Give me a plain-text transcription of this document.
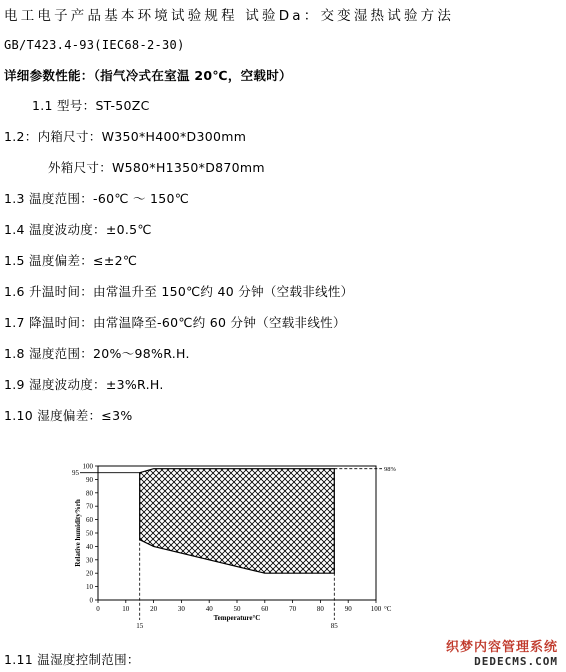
电工电子产品基本环境试验规程 试验Da：交变湿热试验方法
GB/T423.4-93(IEC68-2-30)
详细参数性能：（指气冷式在室温 20℃，空载时）
1.1 型号：ST-50ZC
1.2：内箱尺寸：W350*H400*D300mm
外箱尺寸：W580*H1350*D870mm
1.3 温度范围：-60℃ ～ 150℃
1.4 温度波动度：±0.5℃
1.5 温度偏差：≤±2℃
1.6 升温时间：由常温升至 150℃约 40 分钟（空载非线性）
1.7 降温时间：由常温降至-60℃约 60 分钟（空载非线性）
1.8 湿度范围：20%～98%R.H.
1.9 湿度波动度：±3%R.H.
1.10 湿度偏差：≤3%
0	10	20	30	40	50	60	70	80	90	100 °C
0
10
20
30
40
50
60
70
80
90
100
95	98%
15	85
Temperature°C
Relative humidity%rh
1.11 温湿度控制范围：
织梦内容管理系统
DEDECMS.COM
